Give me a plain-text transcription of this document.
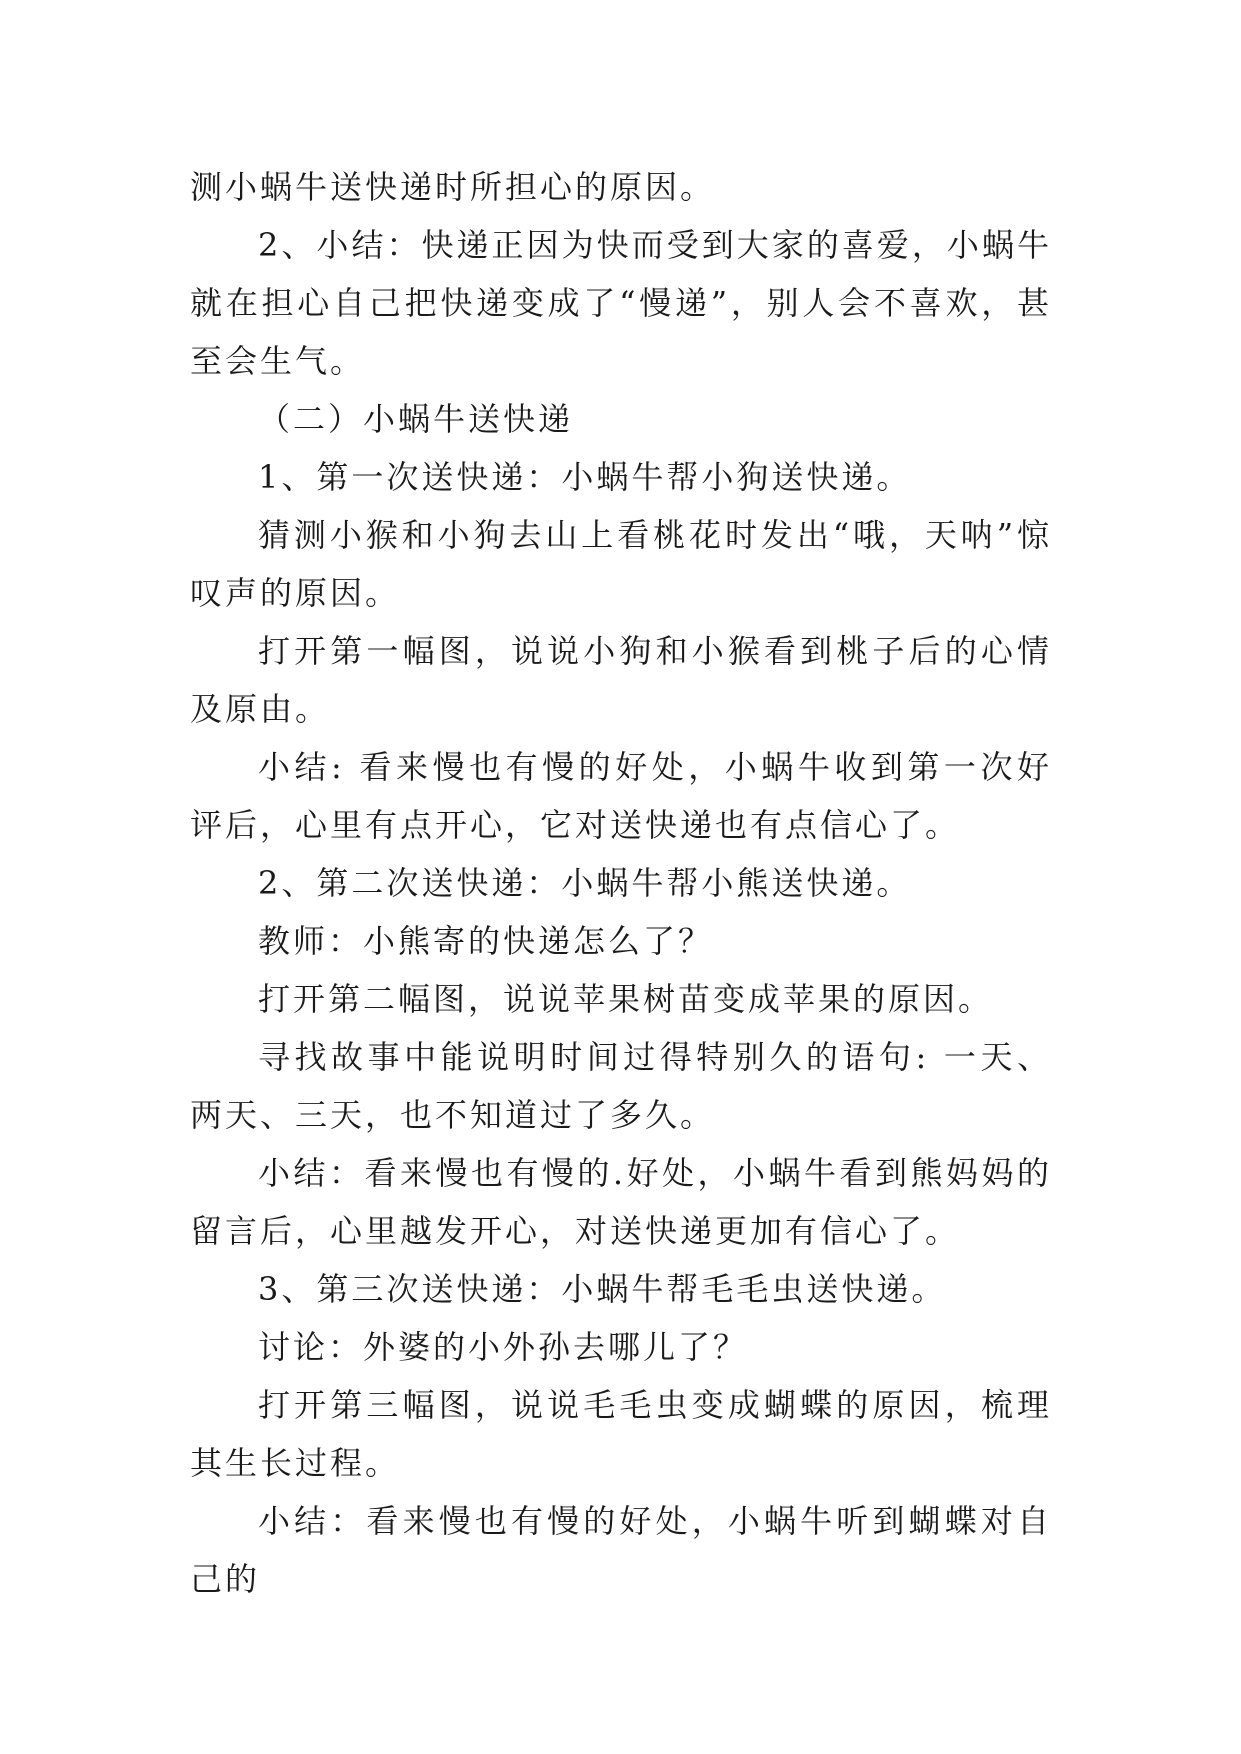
测小蜗牛送快递时所担心的原因。

2、小结：快递正因为快而受到大家的喜爱，小蜗牛就在担心自己把快递变成了“慢递”，别人会不喜欢，甚至会生气。

（二）小蜗牛送快递

1、第一次送快递：小蜗牛帮小狗送快递。

猜测小猴和小狗去山上看桃花时发出“哦，天呐”惊叹声的原因。

打开第一幅图，说说小狗和小猴看到桃子后的心情及原由。

小结: 看来慢也有慢的好处，小蜗牛收到第一次好评后，心里有点开心，它对送快递也有点信心了。

2、第二次送快递：小蜗牛帮小熊送快递。

教师：小熊寄的快递怎么了？

打开第二幅图，说说苹果树苗变成苹果的原因。

寻找故事中能说明时间过得特别久的语句: 一天、两天、三天，也不知道过了多久。

小结：看来慢也有慢的.好处，小蜗牛看到熊妈妈的留言后，心里越发开心，对送快递更加有信心了。

3、第三次送快递：小蜗牛帮毛毛虫送快递。

讨论：外婆的小外孙去哪儿了？

打开第三幅图，说说毛毛虫变成蝴蝶的原因，梳理其生长过程。

小结：看来慢也有慢的好处，小蜗牛听到蝴蝶对自己的
